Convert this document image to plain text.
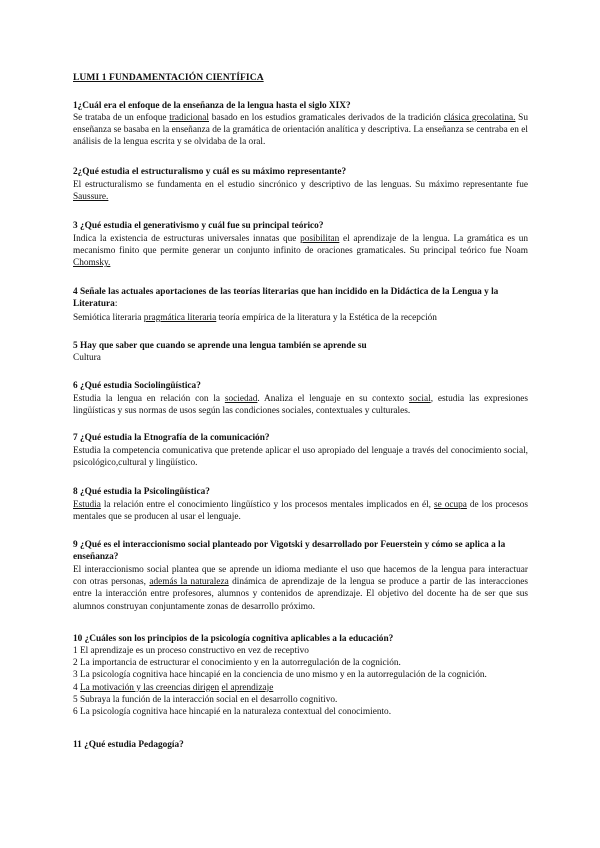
LUMI 1 FUNDAMENTACIÓN CIENTÍFICA
1¿Cuál era el enfoque de la enseñanza de la lengua hasta el siglo XIX?
Se trataba de un enfoque tradicional basado en los estudios gramaticales derivados de la tradición clásica grecolatina. Su enseñanza se basaba en la enseñanza de la gramática de orientación analítica y descriptiva. La enseñanza se centraba en el análisis de la lengua escrita y se olvidaba de la oral.
2¿Qué estudia el estructuralismo y cuál es su máximo representante?
El estructuralismo se fundamenta en el estudio sincrónico y descriptivo de las lenguas. Su máximo representante fue Saussure.
3 ¿Qué estudia el generativismo y cuál fue su principal teórico?
Indica la existencia de estructuras universales innatas que posibilitan el aprendizaje de la lengua. La gramática es un mecanismo finito que permite generar un conjunto infinito de oraciones gramaticales. Su principal teórico fue Noam Chomsky.
4 Señale las actuales aportaciones de las teorías literarias que han incidido en la Didáctica de la Lengua y la Literatura:
Semiótica literaria pragmática literaria teoría empírica de la literatura y la Estética de la recepción
5 Hay que saber que cuando se aprende una lengua también se aprende su
Cultura
6 ¿Qué estudia Sociolingüística?
Estudia la lengua en relación con la sociedad. Analiza el lenguaje en su contexto social, estudia las expresiones lingüísticas y sus normas de usos según las condiciones sociales, contextuales y culturales.
7 ¿Qué estudia la Etnografía de la comunicación?
Estudia la competencia comunicativa que pretende aplicar el uso apropiado del lenguaje a través del conocimiento social, psicológico,cultural y lingüístico.
8 ¿Qué estudia la Psicolingüística?
Estudia la relación entre el conocimiento lingüístico y los procesos mentales implicados en él, se ocupa de los procesos mentales que se producen al usar el lenguaje.
9 ¿Qué es el interaccionismo social planteado por Vigotski y desarrollado por Feuerstein y cómo se aplica a la enseñanza?
El interaccionismo social plantea que se aprende un idioma mediante el uso que hacemos de la lengua para interactuar con otras personas, además la naturaleza dinámica de aprendizaje de la lengua se produce a partir de las interacciones entre la interacción entre profesores, alumnos y contenidos de aprendizaje. El objetivo del docente ha de ser que sus alumnos construyan conjuntamente zonas de desarrollo próximo.
10 ¿Cuáles son los principios de la psicología cognitiva aplicables a la educación?
1 El aprendizaje es un proceso constructivo en vez de receptivo
2 La importancia de estructurar el conocimiento y en la autorregulación de la cognición.
3 La psicología cognitiva hace hincapié en la conciencia de uno mismo y en la autorregulación de la cognición.
4 La motivación y las creencias dirigen el aprendizaje
5 Subraya la función de la interacción social en el desarrollo cognitivo.
6 La psicología cognitiva hace hincapié en la naturaleza contextual del conocimiento.
11 ¿Qué estudia Pedagogía?
